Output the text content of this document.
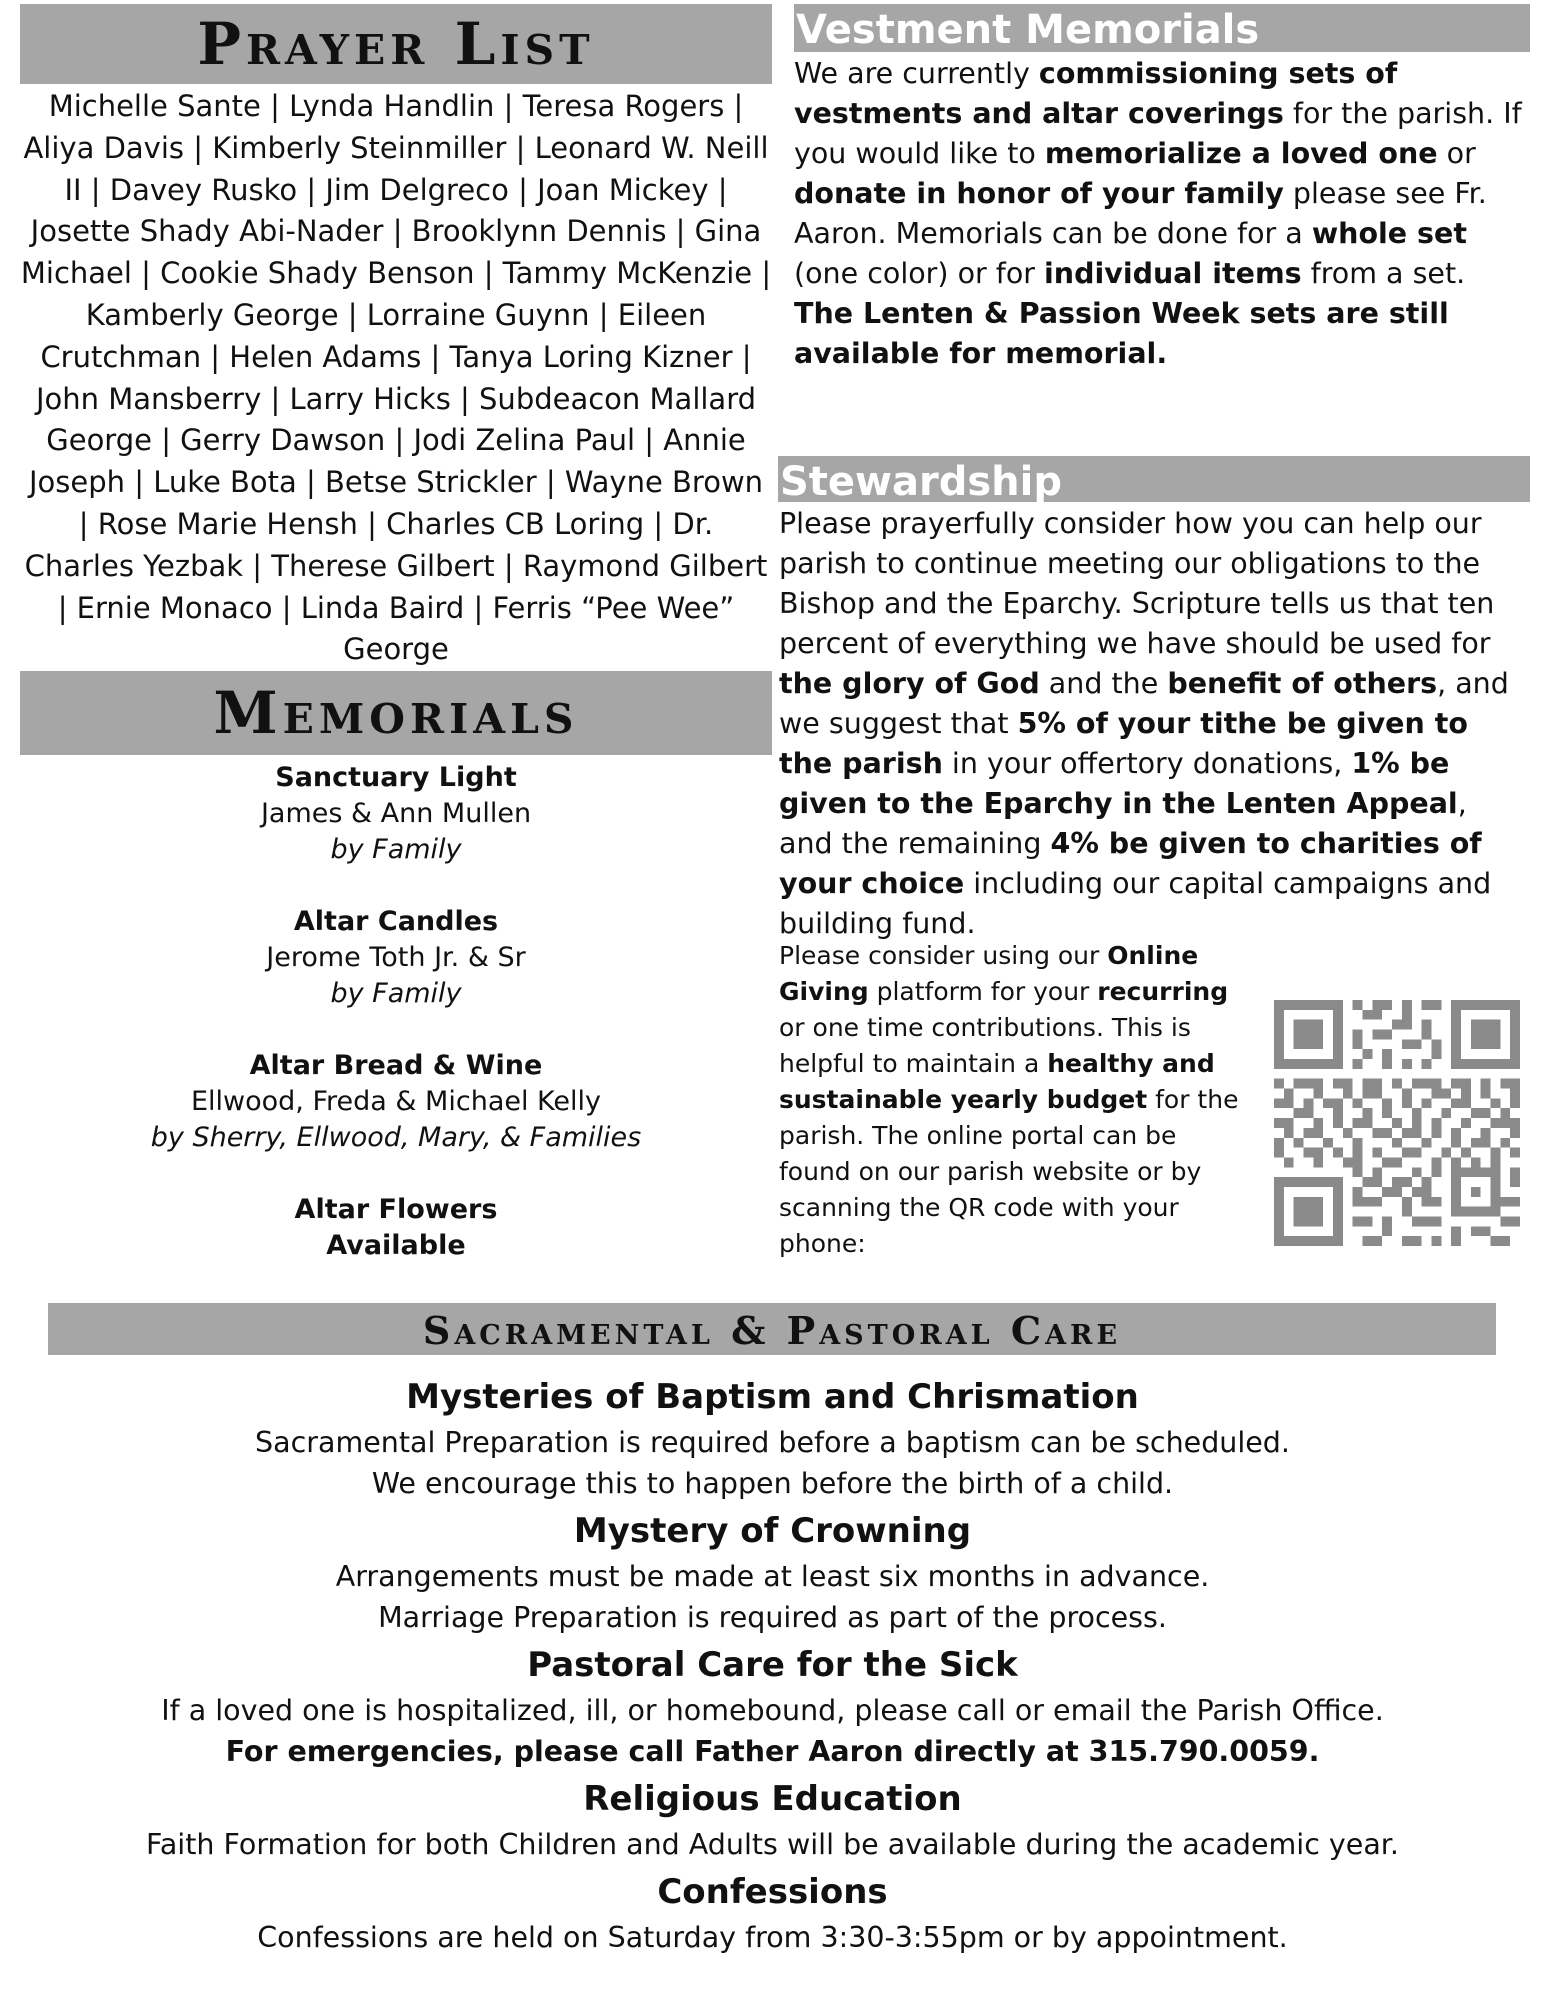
Prayer List

Michelle Sante | Lynda Handlin | Teresa Rogers | Aliya Davis | Kimberly Steinmiller | Leonard W. Neill II | Davey Rusko | Jim Delgreco | Joan Mickey | Josette Shady Abi-Nader | Brooklynn Dennis | Gina Michael | Cookie Shady Benson | Tammy McKenzie | Kamberly George | Lorraine Guynn | Eileen Crutchman | Helen Adams | Tanya Loring Kizner | John Mansberry | Larry Hicks | Subdeacon Mallard George | Gerry Dawson | Jodi Zelina Paul | Annie Joseph | Luke Bota | Betse Strickler | Wayne Brown | Rose Marie Hensh | Charles CB Loring | Dr. Charles Yezbak | Therese Gilbert | Raymond Gilbert | Ernie Monaco | Linda Baird | Ferris “Pee Wee” George

Memorials
Sanctuary Light
James & Ann Mullen
by Family
Altar Candles
Jerome Toth Jr. & Sr
by Family
Altar Bread & Wine
Ellwood, Freda & Michael Kelly
by Sherry, Ellwood, Mary, & Families
Altar Flowers
Available
Vestment Memorials

We are currently commissioning sets of vestments and altar coverings for the parish. If you would like to memorialize a loved one or donate in honor of your family please see Fr. Aaron. Memorials can be done for a whole set (one color) or for individual items from a set.
The Lenten & Passion Week sets are still available for memorial.

Stewardship

Please prayerfully consider how you can help our parish to continue meeting our obligations to the Bishop and the Eparchy. Scripture tells us that ten percent of everything we have should be used for the glory of God and the benefit of others, and we suggest that 5% of your tithe be given to the parish in your offertory donations, 1% be given to the Eparchy in the Lenten Appeal, and the remaining 4% be given to charities of your choice including our capital campaigns and building fund.

Please consider using our Online Giving platform for your recurring or one time contributions. This is helpful to maintain a healthy and sustainable yearly budget for the parish. The online portal can be found on our parish website or by scanning the QR code with your phone:

Sacramental & Pastoral Care
Mysteries of Baptism and Chrismation
Sacramental Preparation is required before a baptism can be scheduled.
We encourage this to happen before the birth of a child.
Mystery of Crowning
Arrangements must be made at least six months in advance.
Marriage Preparation is required as part of the process.
Pastoral Care for the Sick
If a loved one is hospitalized, ill, or homebound, please call or email the Parish Office.
For emergencies, please call Father Aaron directly at 315.790.0059.
Religious Education
Faith Formation for both Children and Adults will be available during the academic year.
Confessions
Confessions are held on Saturday from 3:30-3:55pm or by appointment.
